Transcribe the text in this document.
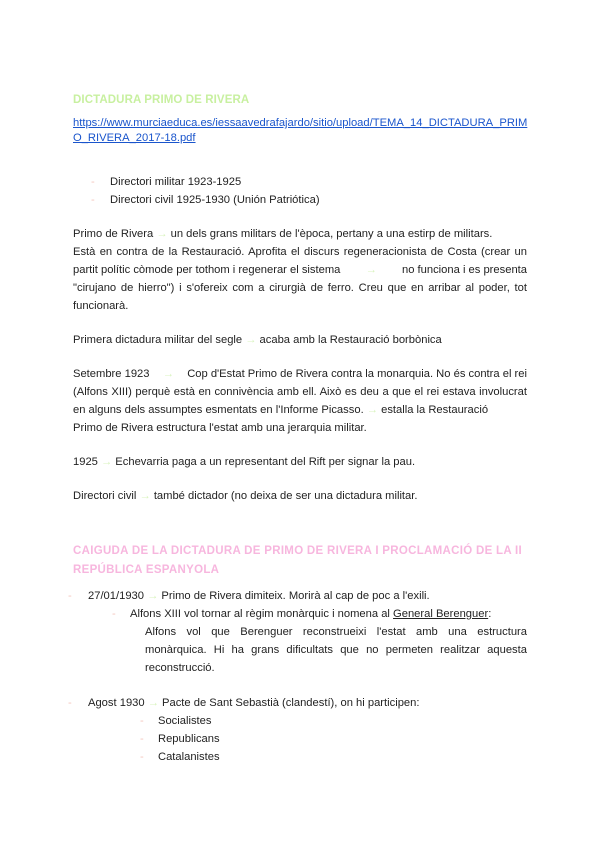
DICTADURA PRIMO DE RIVERA
https://www.murciaeduca.es/iessaavedrafajardo/sitio/upload/TEMA_14_DICTADURA_PRIM
O_RIVERA_2017-18.pdf
- Directori militar 1923-1925
- Directori civil 1925-1930 (Unión Patriótica)
Primo de Rivera → un dels grans militars de l'època, pertany a una estirp de militars.
Està en contra de la Restauració. Aprofita el discurs regeneracionista de Costa (crear un
partit polític còmode per tothom i regenerar el sistema → no funciona i es presenta
"cirujano de hierro") i s'ofereix com a cirurgià de ferro. Creu que en arribar al poder, tot
funcionarà.
Primera dictadura militar del segle → acaba amb la Restauració borbònica
Setembre 1923 → Cop d'Estat Primo de Rivera contra la monarquia. No és contra el rei
(Alfons XIII) perquè està en connivència amb ell. Això es deu a que el rei estava involucrat
en alguns dels assumptes esmentats en l'Informe Picasso. → estalla la Restauració
Primo de Rivera estructura l'estat amb una jerarquia militar.
1925 → Echevarria paga a un representant del Rift per signar la pau.
Directori civil → també dictador (no deixa de ser una dictadura militar.
CAIGUDA DE LA DICTADURA DE PRIMO DE RIVERA I PROCLAMACIÓ DE LA II
REPÚBLICA ESPANYOLA
- 27/01/1930 → Primo de Rivera dimiteix. Morirà al cap de poc a l'exili.
- Alfons XIII vol tornar al règim monàrquic i nomena al General Berenguer:
Alfons vol que Berenguer reconstrueixi l'estat amb una estructura
monàrquica. Hi ha grans dificultats que no permeten realitzar aquesta
reconstrucció.
- Agost 1930 → Pacte de Sant Sebastià (clandestí), on hi participen:
- Socialistes
- Republicans
- Catalanistes
